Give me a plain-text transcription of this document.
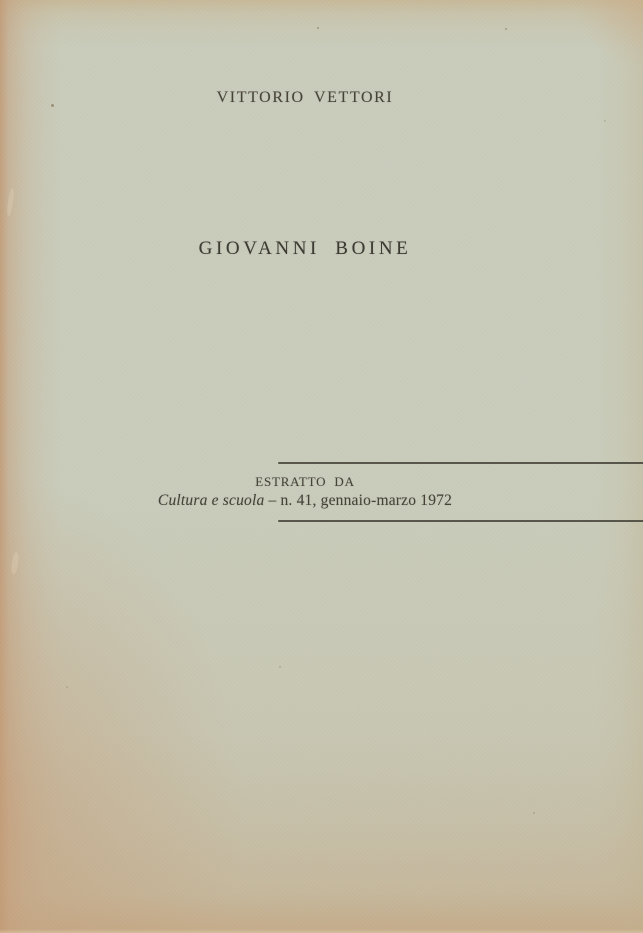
VITTORIO VETTORI
GIOVANNI BOINE
ESTRATTO DA
Cultura e scuola – n. 41, gennaio-marzo 1972
